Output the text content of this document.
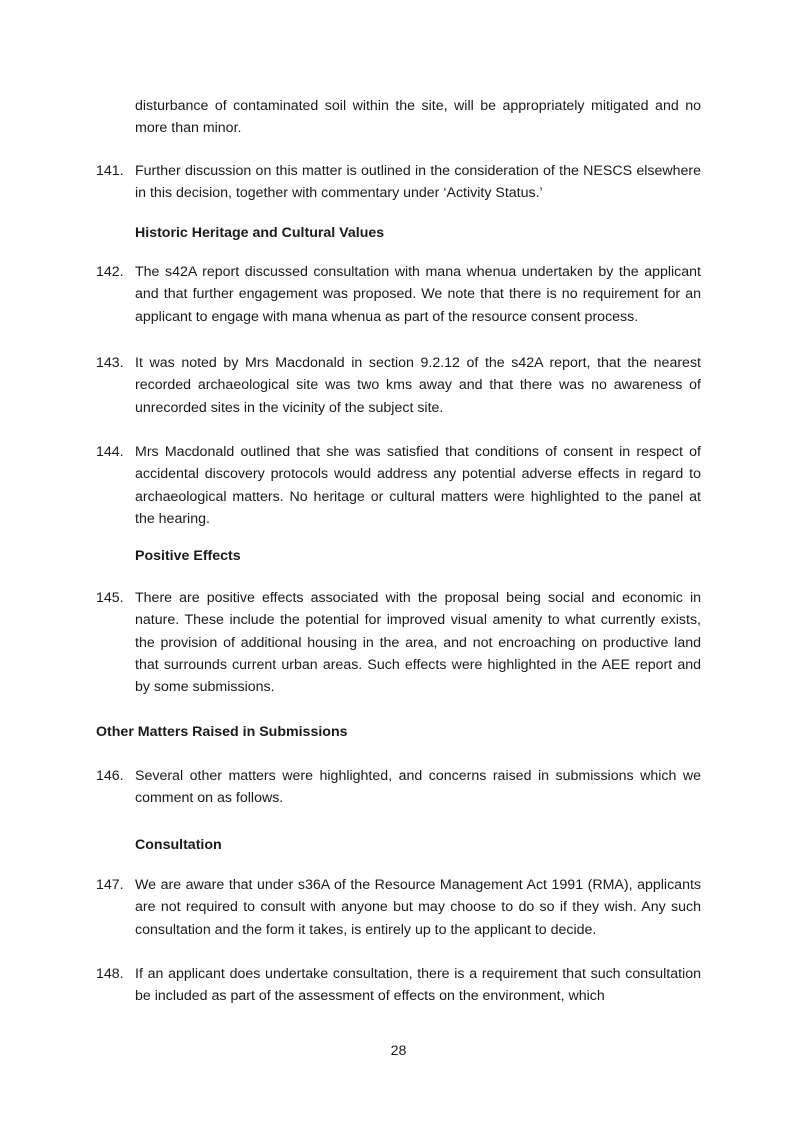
disturbance of contaminated soil within the site, will be appropriately mitigated and no more than minor.
141. Further discussion on this matter is outlined in the consideration of the NESCS elsewhere in this decision, together with commentary under ‘Activity Status.’
Historic Heritage and Cultural Values
142. The s42A report discussed consultation with mana whenua undertaken by the applicant and that further engagement was proposed. We note that there is no requirement for an applicant to engage with mana whenua as part of the resource consent process.
143. It was noted by Mrs Macdonald in section 9.2.12 of the s42A report, that the nearest recorded archaeological site was two kms away and that there was no awareness of unrecorded sites in the vicinity of the subject site.
144. Mrs Macdonald outlined that she was satisfied that conditions of consent in respect of accidental discovery protocols would address any potential adverse effects in regard to archaeological matters. No heritage or cultural matters were highlighted to the panel at the hearing.
Positive Effects
145. There are positive effects associated with the proposal being social and economic in nature. These include the potential for improved visual amenity to what currently exists, the provision of additional housing in the area, and not encroaching on productive land that surrounds current urban areas. Such effects were highlighted in the AEE report and by some submissions.
Other Matters Raised in Submissions
146. Several other matters were highlighted, and concerns raised in submissions which we comment on as follows.
Consultation
147. We are aware that under s36A of the Resource Management Act 1991 (RMA), applicants are not required to consult with anyone but may choose to do so if they wish. Any such consultation and the form it takes, is entirely up to the applicant to decide.
148. If an applicant does undertake consultation, there is a requirement that such consultation be included as part of the assessment of effects on the environment, which
28
